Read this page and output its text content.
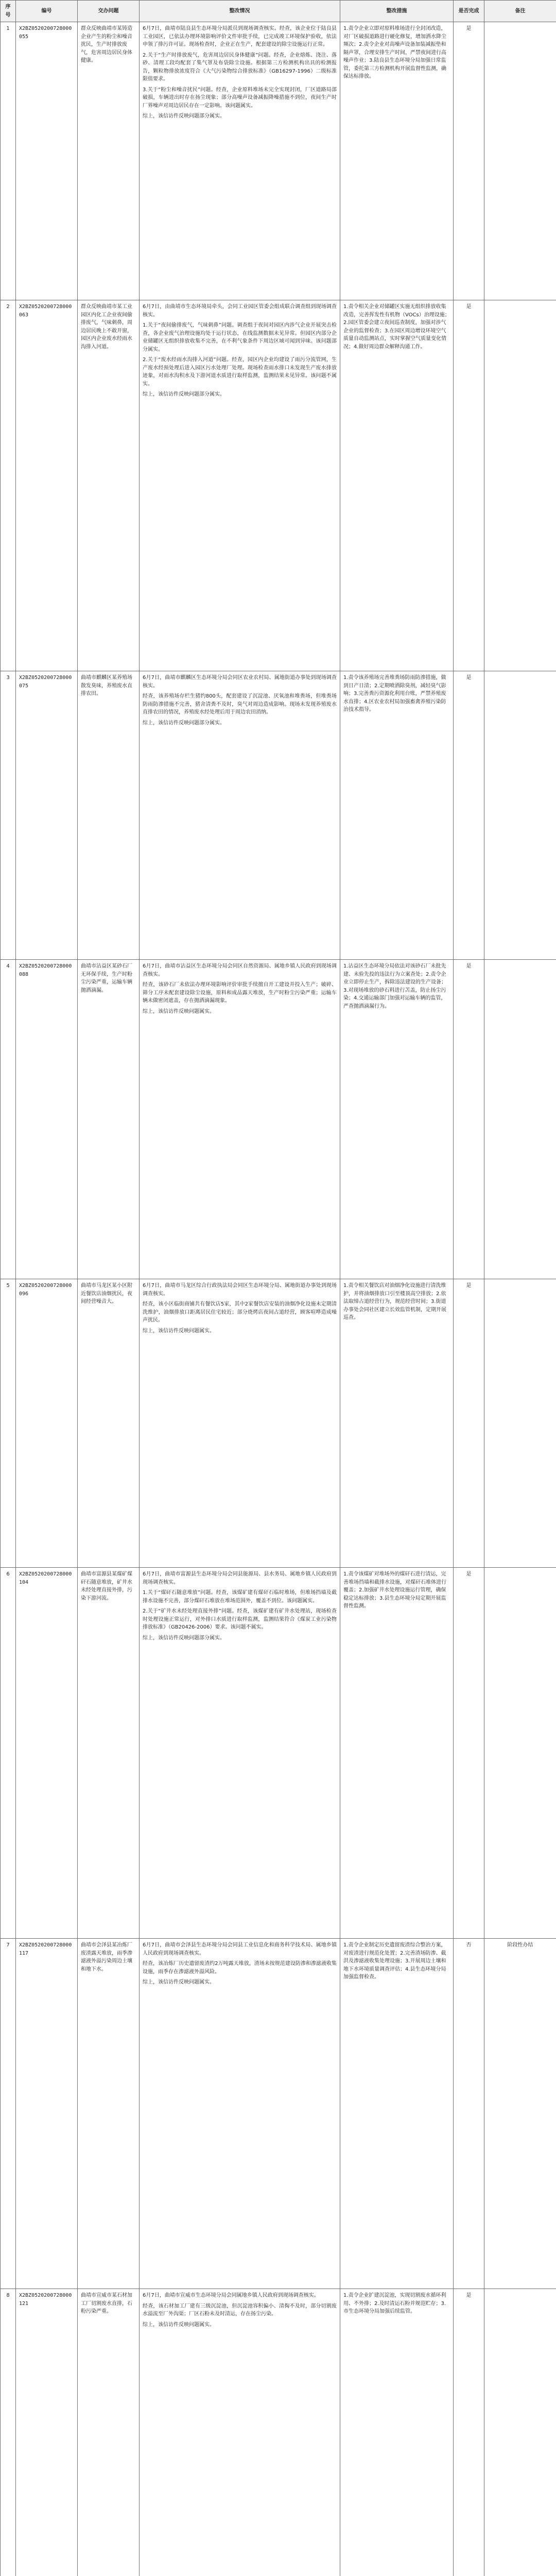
序号	编号	交办问题	整改情况	整改措施	是否完成	备注
1	X2BZ0520200728000055	群众反映曲靖市某铸造企业产生的粉尘和噪音扰民，生产时排放废气，危害周边居民身体健康。	6月7日，曲靖市陆良县生态环境分局派员到现场调查核实。经查，该企业位于陆良县工业园区，已依法办理环境影响评价文件审批手续，已完成竣工环境保护验收，依法申领了排污许可证。现场检查时，企业正在生产，配套建设的除尘设施运行正常。

2.关于“生产时排放废气，危害周边居民身体健康”问题。经查，企业熔炼、浇注、落砂、清理工段均配套了集气罩及布袋除尘设施。根据第三方检测机构出具的检测报告，颗粒物排放浓度符合《大气污染物综合排放标准》（GB16297-1996）二级标准限值要求。

3.关于“粉尘和噪音扰民”问题。经查，企业原料堆场未完全实现封闭，厂区道路局部破损，车辆进出时存在扬尘现象；部分高噪声设备减振降噪措施不到位，夜间生产时厂界噪声对周边居民存在一定影响。该问题属实。

综上，该信访件反映问题部分属实。	1.责令企业立即对原料堆场进行全封闭改造，对厂区破损道路进行硬化修复，增加洒水降尘频次；2.责令企业对高噪声设备加装减振垫和隔声罩，合理安排生产时间，严禁夜间进行高噪声作业；3.陆良县生态环境分局加强日常监管，委托第三方检测机构开展监督性监测，确保达标排放。	是	
2	X2BZ0520200728000063	群众反映曲靖市某工业园区内化工企业夜间偷排废气，气味刺鼻，周边居民晚上不敢开窗，园区内企业废水经雨水沟排入河道。	6月7日，由曲靖市生态环境局牵头，会同工业园区管委会组成联合调查组到现场调查核实。

1.关于“夜间偷排废气，气味刺鼻”问题。调查组于夜间对园区内涉气企业开展突击检查，各企业废气治理设施均处于运行状态，在线监测数据未见异常。但园区内部分企业储罐区无组织排放收集不完善，在不利气象条件下周边区域可闻到异味。该问题部分属实。

2.关于“废水经雨水沟排入河道”问题。经查，园区内企业均建设了雨污分流管网，生产废水经预处理后进入园区污水处理厂处理。现场检查雨水排口未发现生产废水排放迹象，对雨水沟积水及下游河道水质进行取样监测，监测结果未见异常。该问题不属实。

综上，该信访件反映问题部分属实。	1.责令相关企业对储罐区实施无组织排放收集改造，完善挥发性有机物（VOCs）治理设施；2.园区管委会建立夜间巡查制度，加强对涉气企业的监督检查；3.在园区周边增设环境空气质量自动监测站点，实时掌握空气质量变化情况；4.做好周边群众解释沟通工作。	是	
3	X2BZ0520200728000075	曲靖市麒麟区某养殖场散发臭味，养殖废水直排农田。	6月7日，曲靖市麒麟区生态环境分局会同区农业农村局、属地街道办事处到现场调查核实。

经查，该养殖场存栏生猪约800头，配套建设了沉淀池、厌氧池和堆粪场，但堆粪场防雨防渗措施不完善，猪舍清粪不及时，臭气对周边造成影响。现场未发现养殖废水直排农田的情况，养殖废水经处理后用于周边农田消纳。

综上，该信访件反映问题部分属实。	1.责令该养殖场完善堆粪场防雨防渗措施，做到日产日清；2.定期喷洒除臭剂，减轻臭气影响；3.完善粪污资源化利用台账，严禁养殖废水直排；4.区农业农村局加强畜禽养殖污染防治技术指导。	是	
4	X2BZ0520200728000088	曲靖市沾益区某砂石厂无环保手续，生产时粉尘污染严重，运输车辆抛洒滴漏。	6月7日，曲靖市沾益区生态环境分局会同区自然资源局、属地乡镇人民政府到现场调查核实。

经查，该砂石厂未依法办理环境影响评价审批手续擅自开工建设并投入生产；破碎、筛分工序未配套建设除尘设施，原料和成品露天堆放，生产时粉尘污染严重；运输车辆未做密闭遮盖，存在抛洒滴漏现象。

综上，该信访件反映问题属实。	1.沾益区生态环境分局依法对该砂石厂未批先建、未验先投的违法行为立案查处；2.责令企业立即停止生产，拆除违法建设的生产设备；3.对现场堆放的砂石料进行苫盖，防止扬尘污染；4.交通运输部门加强对运输车辆的监管，严查抛洒滴漏行为。	是	
5	X2BZ0520200728000096	曲靖市马龙区某小区附近餐饮店油烟扰民，夜间经营噪音大。	6月7日，曲靖市马龙区综合行政执法局会同区生态环境分局、属地街道办事处到现场调查核实。

经查，该小区临街商铺共有餐饮店5家，其中2家餐饮店安装的油烟净化设施未定期清洗维护，油烟排放口距离居民住宅较近；部分烧烤店夜间占道经营，顾客喧哗造成噪声扰民。

综上，该信访件反映问题属实。	1.责令相关餐饮店对油烟净化设施进行清洗维护，并将油烟排放口引至楼顶高空排放；2.依法取缔占道经营行为，规范经营时间；3.街道办事处会同社区建立长效监管机制，定期开展巡查。	是	
6	X2BZ0520200728000104	曲靖市富源县某煤矿煤矸石随意堆放，矿井水未经处理直接外排，污染下游河流。	6月7日，曲靖市富源县生态环境分局会同县能源局、县水务局、属地乡镇人民政府到现场调查核实。

1.关于“煤矸石随意堆放”问题。经查，该煤矿建有煤矸石临时堆场，但堆场挡墙及截排水设施不完善，部分煤矸石堆放在堆场范围外，覆盖不到位。该问题属实。

2.关于“矿井水未经处理直接外排”问题。经查，该煤矿建有矿井水处理站，现场检查时处理设施正常运行，对外排口水质进行取样监测，监测结果符合《煤炭工业污染物排放标准》（GB20426-2006）要求。该问题不属实。

综上，该信访件反映问题部分属实。	1.责令该煤矿对堆场外的煤矸石进行清运，完善堆场挡墙和截排水设施，对煤矸石堆体进行覆盖；2.加强矿井水处理设施运行管理，确保稳定达标排放；3.县生态环境分局定期开展监督性监测。	是	
7	X2BZ0520200728000117	曲靖市会泽县某冶炼厂废渣露天堆放，雨季渗滤液外溢污染周边土壤和地下水。	6月7日，曲靖市会泽县生态环境分局会同县工业信息化和商务科学技术局、属地乡镇人民政府到现场调查核实。

经查，该冶炼厂历史遗留废渣约2万吨露天堆放，渣场未按规范建设防渗和渗滤液收集设施，雨季存在渗滤液外溢风险。

综上，该信访件反映问题属实。	1.责令企业制定历史遗留废渣综合整治方案，对废渣进行规范化处置；2.完善渣场防渗、截洪及渗滤液收集处理设施；3.开展周边土壤和地下水环境质量调查评估；4.县生态环境分局加强监督检查。	否	阶段性办结
8	X2BZ0520200728000121	曲靖市宣威市某石材加工厂切割废水直排，石粉污染严重。	6月7日，曲靖市宣威市生态环境分局会同属地乡镇人民政府到现场调查核实。

经查，该石材加工厂建有三级沉淀池，但沉淀池容积偏小、清掏不及时，部分切割废水溢流至厂外沟渠；厂区石粉未及时清运，存在扬尘污染。

综上，该信访件反映问题属实。	1.责令企业扩建沉淀池，实现切割废水循环利用、不外排；2.及时清运石粉并规范贮存；3.市生态环境分局加强后续监管。	是	
